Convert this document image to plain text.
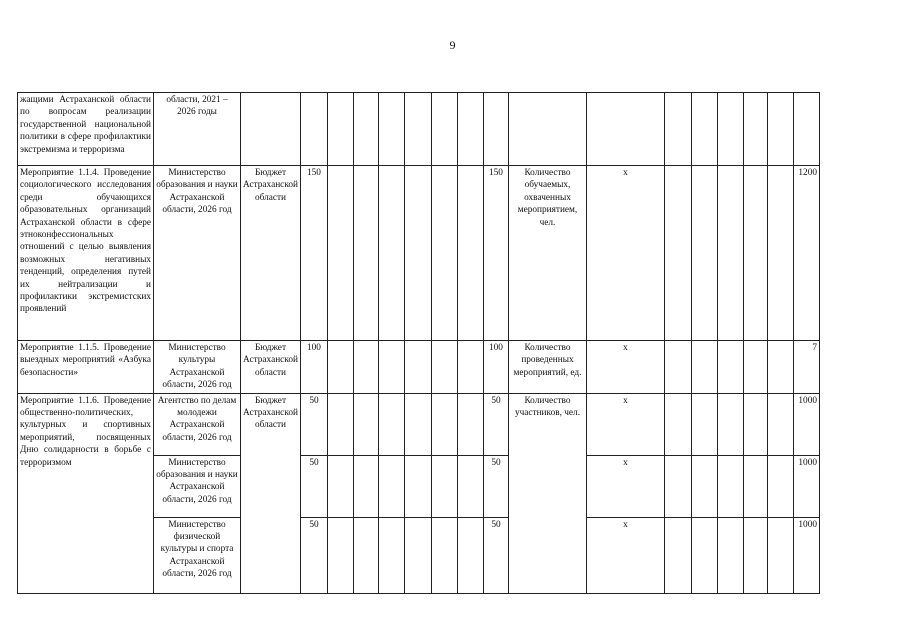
9
жащими Астраханской области по вопросам реализации государственной национальной политики в сфере профилактики экстремизма и терроризма	области, 2021 – 2026 годы																	
Мероприятие 1.1.4. Проведение социологического исследования среди обучающихся образовательных организаций Астраханской области в сфере этноконфессиональных отношений с целью выявления возможных негативных тенденций, определения путей их нейтрализации и профилактики экстремистских проявлений	Министерство образования и науки Астраханской области, 2026 год	Бюджет Астраханской области	150							150	Количество обучаемых, охваченных мероприятием, чел.	х						1200
Мероприятие 1.1.5. Проведение выездных мероприятий «Азбука безопасности»	Министерство культуры Астраханской области, 2026 год	Бюджет Астраханской области	100							100	Количество проведенных мероприятий, ед.	х						7
Мероприятие 1.1.6. Проведение общественно-политических, культурных и спортивных мероприятий, посвященных Дню солидарности в борьбе с терроризмом	Агентство по делам молодежи Астраханской области, 2026 год	Бюджет Астраханской области	50							50	Количество участников, чел.	х						1000
	Министерство образования и науки Астраханской области, 2026 год		50							50		х						1000
	Министерство физической культуры и спорта Астраханской области, 2026 год		50							50		х						1000
